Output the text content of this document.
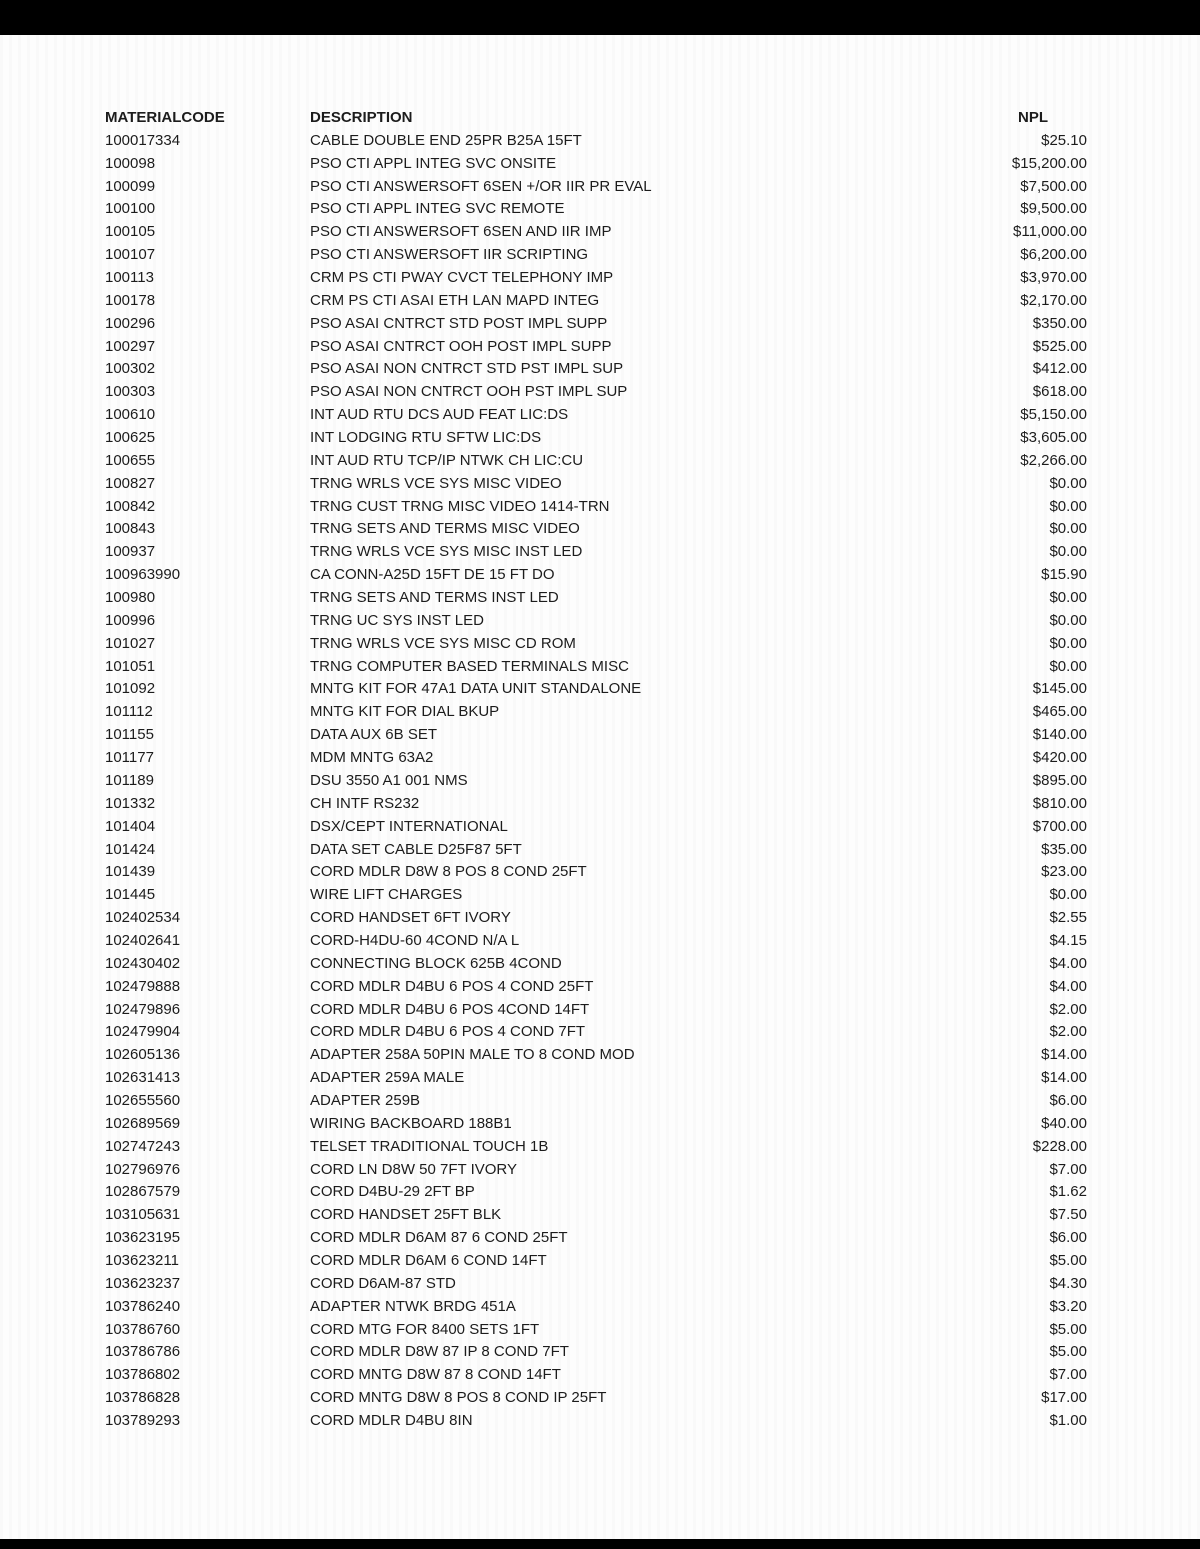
MATERIALCODE	DESCRIPTION	NPL
100017334	CABLE DOUBLE END 25PR B25A 15FT	$25.10
100098	PSO CTI APPL INTEG SVC ONSITE	$15,200.00
100099	PSO CTI ANSWERSOFT 6SEN +/OR IIR PR EVAL	$7,500.00
100100	PSO CTI APPL INTEG SVC REMOTE	$9,500.00
100105	PSO CTI ANSWERSOFT 6SEN AND IIR IMP	$11,000.00
100107	PSO CTI ANSWERSOFT IIR SCRIPTING	$6,200.00
100113	CRM PS CTI PWAY CVCT TELEPHONY IMP	$3,970.00
100178	CRM PS CTI ASAI ETH LAN MAPD INTEG	$2,170.00
100296	PSO ASAI CNTRCT STD POST IMPL SUPP	$350.00
100297	PSO ASAI CNTRCT OOH POST IMPL SUPP	$525.00
100302	PSO ASAI NON CNTRCT STD PST IMPL SUP	$412.00
100303	PSO ASAI NON CNTRCT OOH PST IMPL SUP	$618.00
100610	INT AUD RTU DCS AUD FEAT LIC:DS	$5,150.00
100625	INT LODGING RTU SFTW LIC:DS	$3,605.00
100655	INT AUD RTU TCP/IP NTWK CH LIC:CU	$2,266.00
100827	TRNG WRLS VCE SYS MISC VIDEO	$0.00
100842	TRNG CUST TRNG MISC VIDEO 1414-TRN	$0.00
100843	TRNG SETS AND TERMS MISC VIDEO	$0.00
100937	TRNG WRLS VCE SYS MISC INST LED	$0.00
100963990	CA CONN-A25D 15FT DE 15 FT DO	$15.90
100980	TRNG SETS AND TERMS INST LED	$0.00
100996	TRNG UC SYS INST LED	$0.00
101027	TRNG WRLS VCE SYS MISC CD ROM	$0.00
101051	TRNG COMPUTER BASED TERMINALS MISC	$0.00
101092	MNTG KIT FOR 47A1 DATA UNIT STANDALONE	$145.00
101112	MNTG KIT FOR DIAL BKUP	$465.00
101155	DATA AUX 6B SET	$140.00
101177	MDM MNTG 63A2	$420.00
101189	DSU 3550 A1 001 NMS	$895.00
101332	CH INTF RS232	$810.00
101404	DSX/CEPT INTERNATIONAL	$700.00
101424	DATA SET CABLE D25F87 5FT	$35.00
101439	CORD MDLR D8W 8 POS 8 COND 25FT	$23.00
101445	WIRE LIFT CHARGES	$0.00
102402534	CORD HANDSET 6FT IVORY	$2.55
102402641	CORD-H4DU-60 4COND N/A L	$4.15
102430402	CONNECTING BLOCK 625B 4COND	$4.00
102479888	CORD MDLR D4BU 6 POS 4 COND 25FT	$4.00
102479896	CORD MDLR D4BU 6 POS 4COND 14FT	$2.00
102479904	CORD MDLR D4BU 6 POS 4 COND 7FT	$2.00
102605136	ADAPTER 258A 50PIN MALE TO 8 COND MOD	$14.00
102631413	ADAPTER 259A MALE	$14.00
102655560	ADAPTER 259B	$6.00
102689569	WIRING BACKBOARD 188B1	$40.00
102747243	TELSET TRADITIONAL TOUCH 1B	$228.00
102796976	CORD LN D8W 50 7FT IVORY	$7.00
102867579	CORD D4BU-29 2FT BP	$1.62
103105631	CORD HANDSET 25FT BLK	$7.50
103623195	CORD MDLR D6AM 87 6 COND 25FT	$6.00
103623211	CORD MDLR D6AM 6 COND 14FT	$5.00
103623237	CORD D6AM-87 STD	$4.30
103786240	ADAPTER NTWK BRDG 451A	$3.20
103786760	CORD MTG FOR 8400 SETS 1FT	$5.00
103786786	CORD MDLR D8W 87 IP 8 COND 7FT	$5.00
103786802	CORD MNTG D8W 87 8 COND 14FT	$7.00
103786828	CORD MNTG D8W 8 POS 8 COND IP 25FT	$17.00
103789293	CORD MDLR D4BU 8IN	$1.00
